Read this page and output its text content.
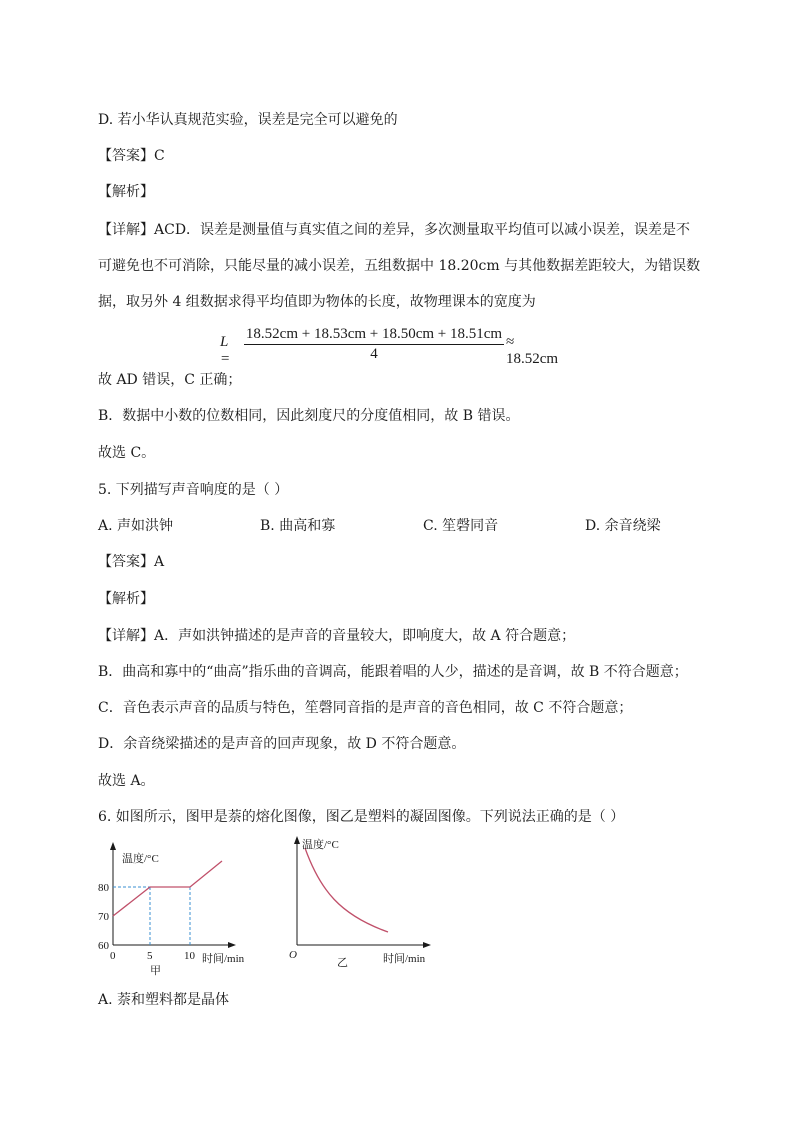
D. 若小华认真规范实验，误差是完全可以避免的
【答案】C
【解析】
【详解】ACD．误差是测量值与真实值之间的差异，多次测量取平均值可以减小误差，误差是不
可避免也不可消除，只能尽量的减小误差，五组数据中 18.20cm 与其他数据差距较大，为错误数
据，取另外 4 组数据求得平均值即为物体的长度，故物理课本的宽度为
$L = \frac{18.52cm + 18.53cm + 18.50cm + 18.51cm}{4} \approx 18.52cm$
故 AD 错误，C 正确；
B．数据中小数的位数相同，因此刻度尺的分度值相同，故 B 错误。
故选 C。
5. 下列描写声音响度的是（ ）
A. 声如洪钟	B. 曲高和寡	C. 笙磬同音	D. 余音绕梁
【答案】A
【解析】
【详解】A．声如洪钟描述的是声音的音量较大，即响度大，故 A 符合题意；
B．曲高和寡中的“曲高”指乐曲的音调高，能跟着唱的人少，描述的是音调，故 B 不符合题意；
C．音色表示声音的品质与特色，笙磬同音指的是声音的音色相同，故 C 不符合题意；
D．余音绕梁描述的是声音的回声现象，故 D 不符合题意。
故选 A。
6. 如图所示，图甲是萘的熔化图像，图乙是塑料的凝固图像。下列说法正确的是（ ）
温度/°C
80
70
60
0	5	10 时间/min
甲
温度/°C
O	时间/min
乙
A. 萘和塑料都是晶体
